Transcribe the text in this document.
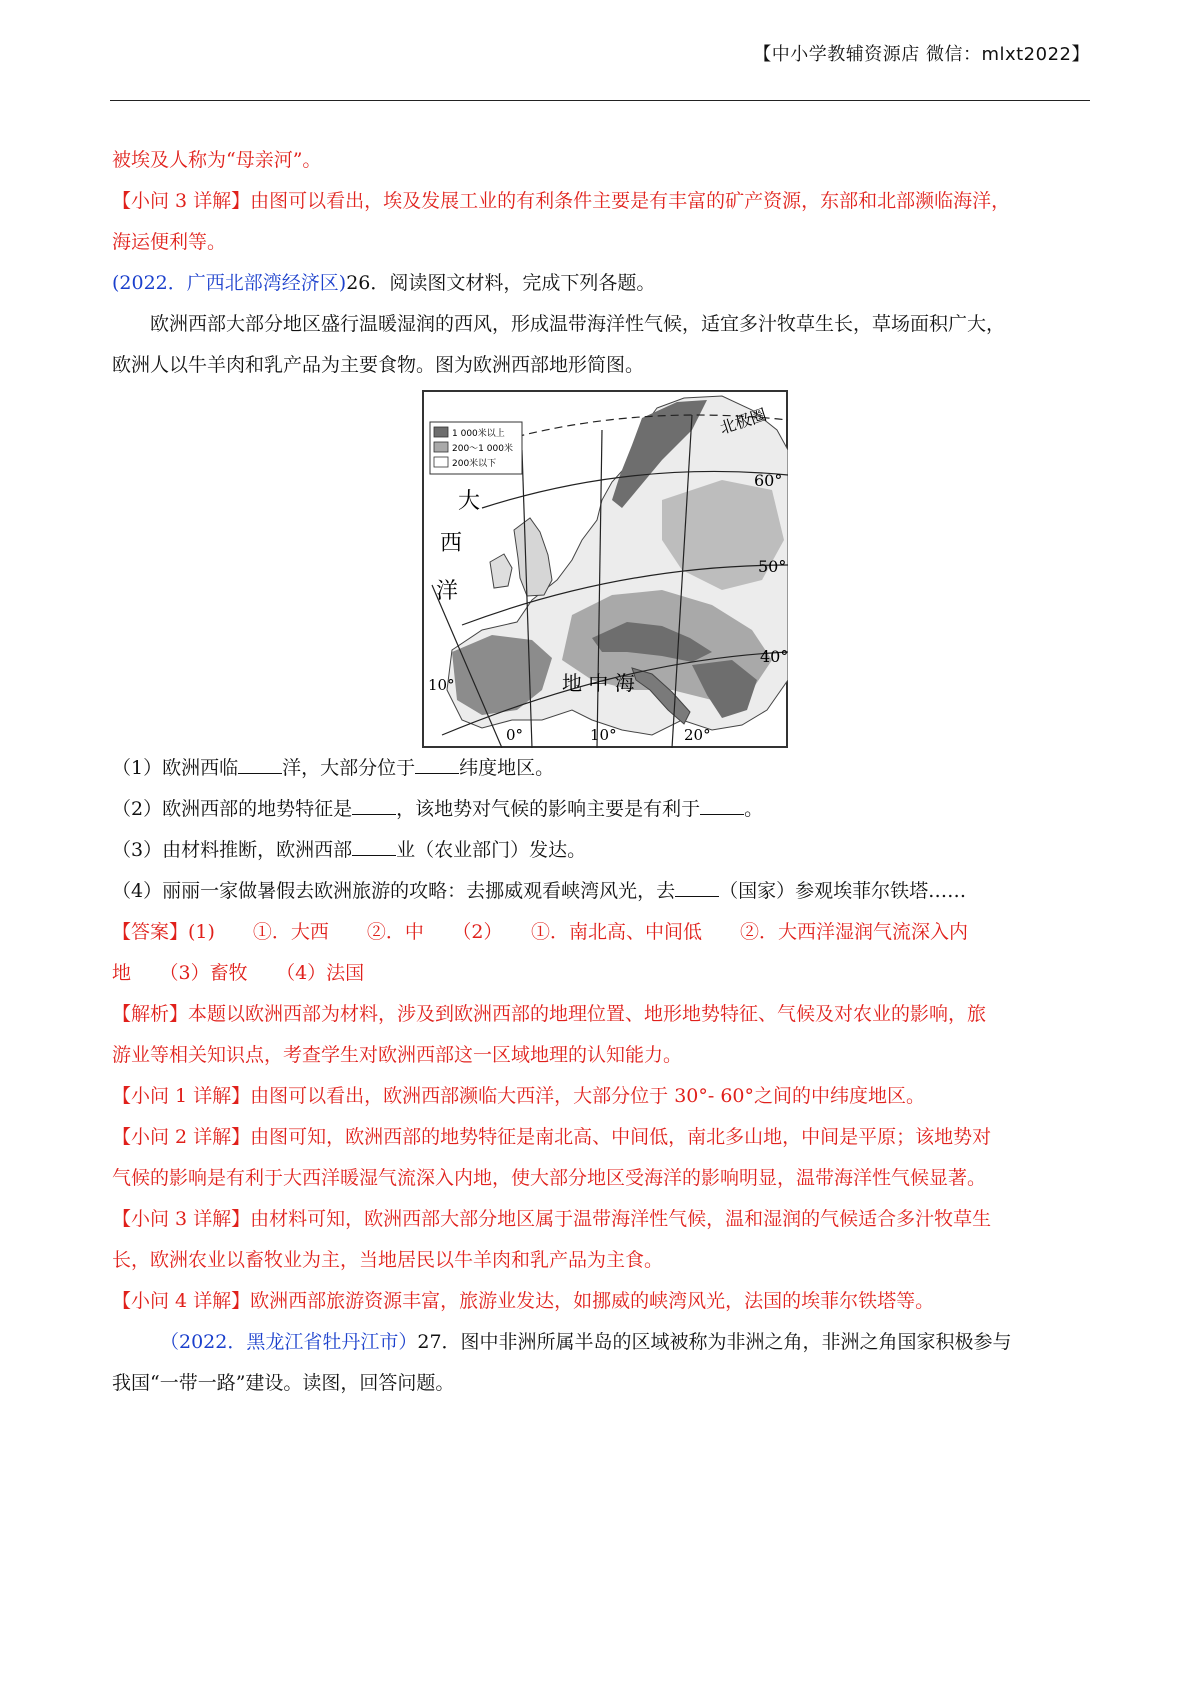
【中小学教辅资源店 微信：mlxt2022】
被埃及人称为“母亲河”。
【小问 3 详解】由图可以看出，埃及发展工业的有利条件主要是有丰富的矿产资源，东部和北部濒临海洋，
海运便利等。
(2022．广西北部湾经济区)26．阅读图文材料，完成下列各题。
欧洲西部大部分地区盛行温暖湿润的西风，形成温带海洋性气候，适宜多汁牧草生长，草场面积广大，
欧洲人以牛羊肉和乳产品为主要食物。图为欧洲西部地形简图。
1 000米以上
200～1 000米
200米以下
大
西
洋
地 中 海
北极圈
60°
50°
40°
10°
0°	10°	20°
（1）欧洲西临 洋，大部分位于 纬度地区。
（2）欧洲西部的地势特征是 ，该地势对气候的影响主要是有利于 。
（3）由材料推断，欧洲西部 业（农业部门）发达。
（4）丽丽一家做暑假去欧洲旅游的攻略：去挪威观看峡湾风光，去 （国家）参观埃菲尔铁塔……
【答案】(1)　　①．大西　　②．中　　（2）　　①．南北高、中间低　　②．大西洋湿润气流深入内
地　　（3）畜牧　　（4）法国
【解析】本题以欧洲西部为材料，涉及到欧洲西部的地理位置、地形地势特征、气候及对农业的影响，旅
游业等相关知识点，考查学生对欧洲西部这一区域地理的认知能力。
【小问 1 详解】由图可以看出，欧洲西部濒临大西洋，大部分位于 30°- 60°之间的中纬度地区。
【小问 2 详解】由图可知，欧洲西部的地势特征是南北高、中间低，南北多山地，中间是平原；该地势对
气候的影响是有利于大西洋暖湿气流深入内地，使大部分地区受海洋的影响明显，温带海洋性气候显著。
【小问 3 详解】由材料可知，欧洲西部大部分地区属于温带海洋性气候，温和湿润的气候适合多汁牧草生
长，欧洲农业以畜牧业为主，当地居民以牛羊肉和乳产品为主食。
【小问 4 详解】欧洲西部旅游资源丰富，旅游业发达，如挪威的峡湾风光，法国的埃菲尔铁塔等。
（2022．黑龙江省牡丹江市）27．图中非洲所属半岛的区域被称为非洲之角，非洲之角国家积极参与
我国“一带一路”建设。读图，回答问题。
